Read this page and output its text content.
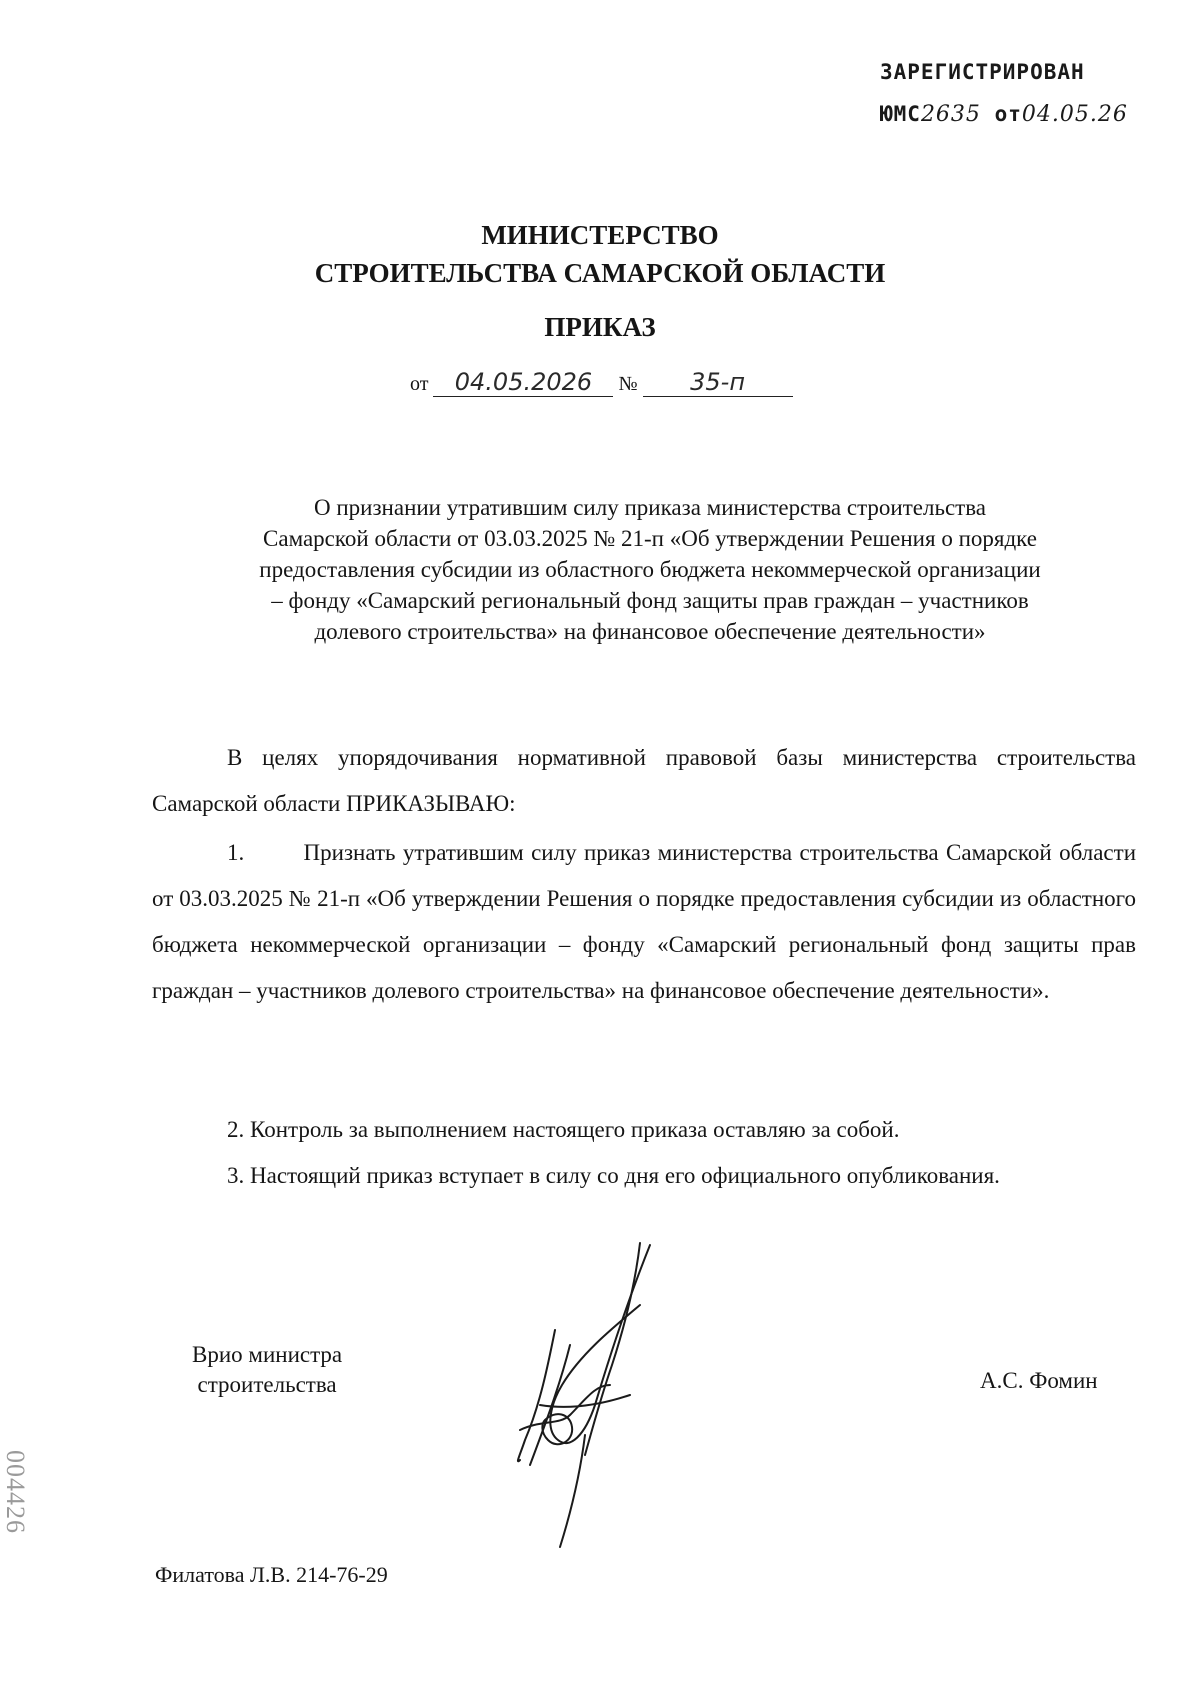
ЗАРЕГИСТРИРОВАН
ЮМС2635 от04.05.26
МИНИСТЕРСТВО
СТРОИТЕЛЬСТВА САМАРСКОЙ ОБЛАСТИ
ПРИКАЗ
от 04.05.2026 № 35-п
О признании утратившим силу приказа министерства строительства
Самарской области от 03.03.2025 № 21-п «Об утверждении Решения о порядке
предоставления субсидии из областного бюджета некоммерческой организации
– фонду «Самарский региональный фонд защиты прав граждан – участников
долевого строительства» на финансовое обеспечение деятельности»
В целях упорядочивания нормативной правовой базы министерства строительства Самарской области ПРИКАЗЫВАЮ:
1.	Признать утратившим силу приказ министерства строительства Самарской области от 03.03.2025 № 21-п «Об утверждении Решения о порядке предоставления субсидии из областного бюджета некоммерческой организации – фонду «Самарский региональный фонд защиты прав граждан – участников долевого строительства» на финансовое обеспечение деятельности».
2. Контроль за выполнением настоящего приказа оставляю за собой.
3. Настоящий приказ вступает в силу со дня его официального опубликования.
Врио министра
строительства	А.С. Фомин
004426
Филатова Л.В. 214-76-29
